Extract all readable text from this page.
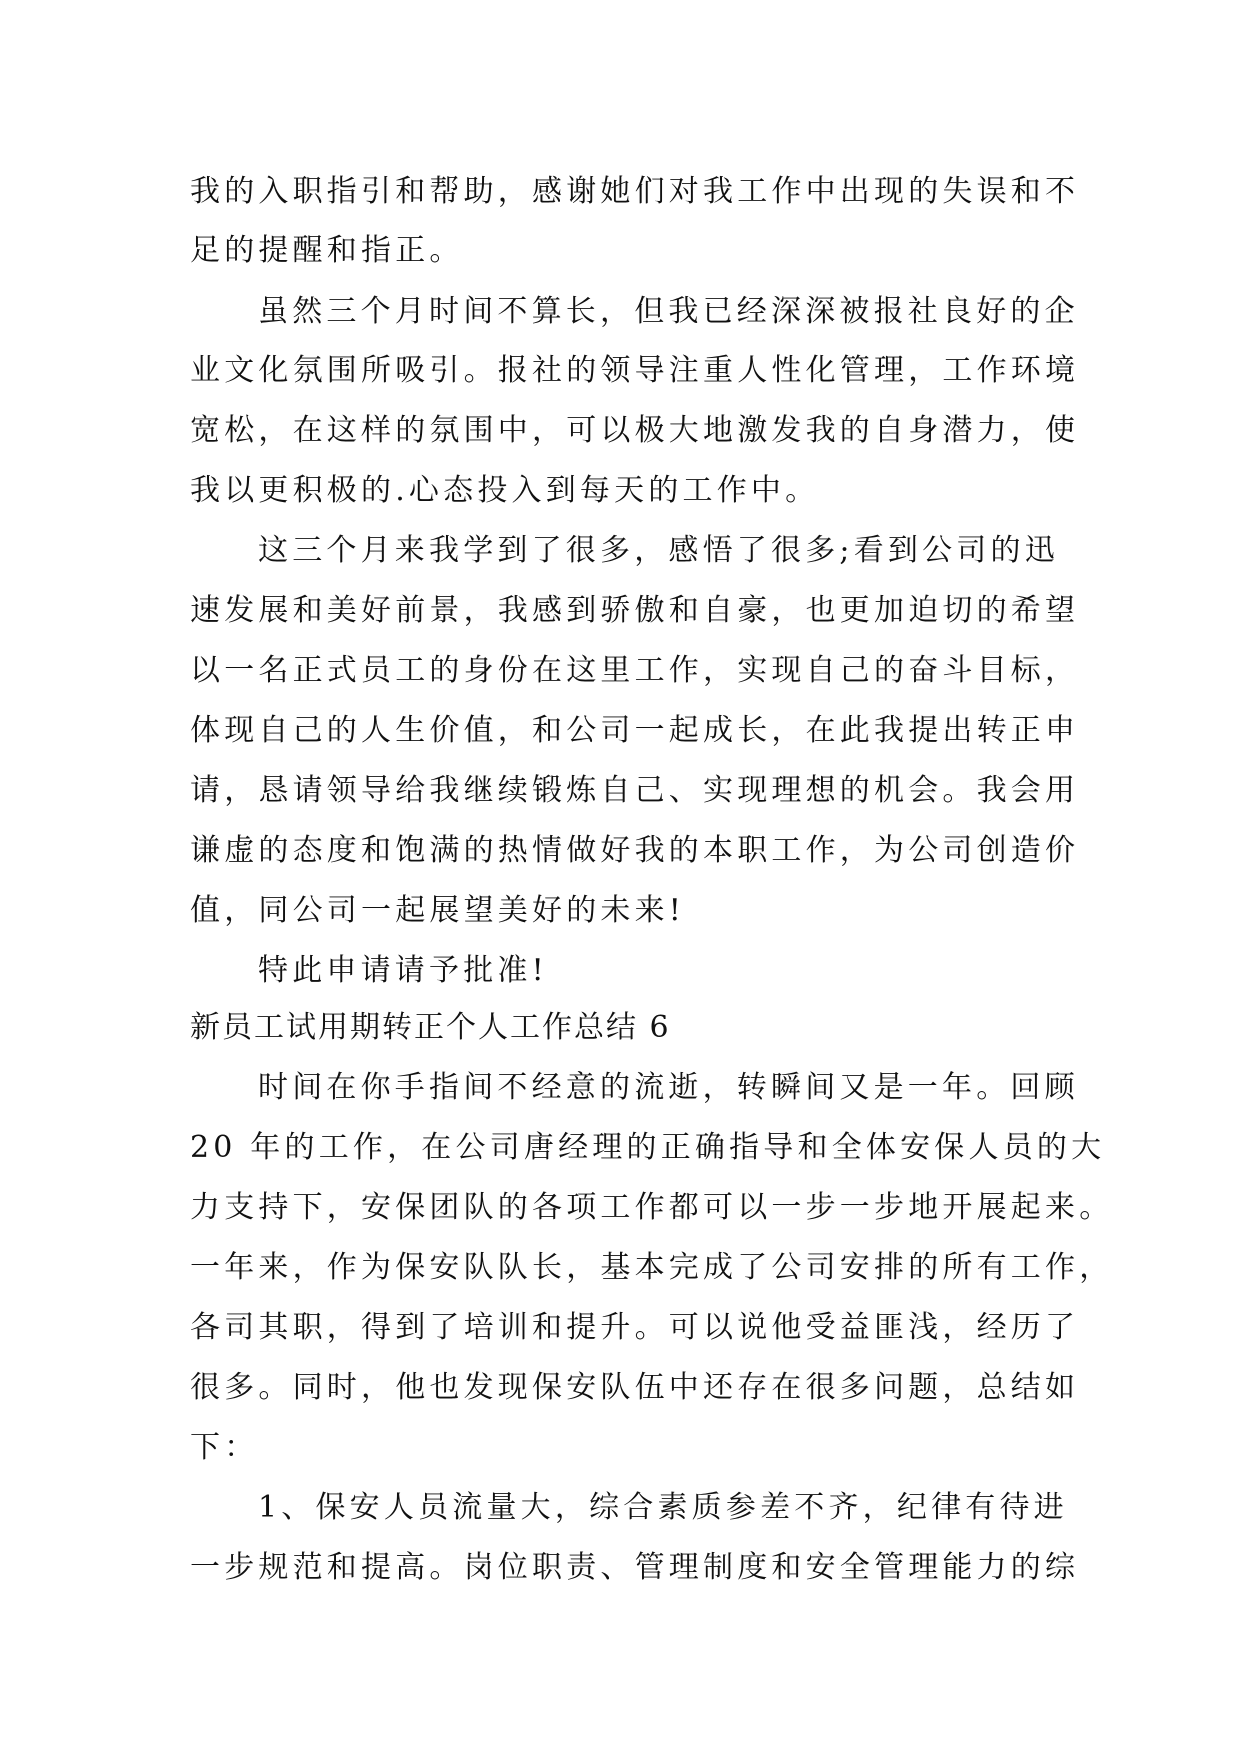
我的入职指引和帮助，感谢她们对我工作中出现的失误和不
足的提醒和指正。
虽然三个月时间不算长，但我已经深深被报社良好的企
业文化氛围所吸引。报社的领导注重人性化管理，工作环境
宽松，在这样的氛围中，可以极大地激发我的自身潜力，使
我以更积极的.心态投入到每天的工作中。
这三个月来我学到了很多，感悟了很多;看到公司的迅
速发展和美好前景，我感到骄傲和自豪，也更加迫切的希望
以一名正式员工的身份在这里工作，实现自己的奋斗目标，
体现自己的人生价值，和公司一起成长，在此我提出转正申
请，恳请领导给我继续锻炼自己、实现理想的机会。我会用
谦虚的态度和饱满的热情做好我的本职工作，为公司创造价
值，同公司一起展望美好的未来!
特此申请请予批准!
新员工试用期转正个人工作总结 6
时间在你手指间不经意的流逝，转瞬间又是一年。回顾
20 年的工作，在公司唐经理的正确指导和全体安保人员的大
力支持下，安保团队的各项工作都可以一步一步地开展起来。
一年来，作为保安队队长，基本完成了公司安排的所有工作，
各司其职，得到了培训和提升。可以说他受益匪浅，经历了
很多。同时，他也发现保安队伍中还存在很多问题，总结如
下：
1、保安人员流量大，综合素质参差不齐，纪律有待进
一步规范和提高。岗位职责、管理制度和安全管理能力的综
